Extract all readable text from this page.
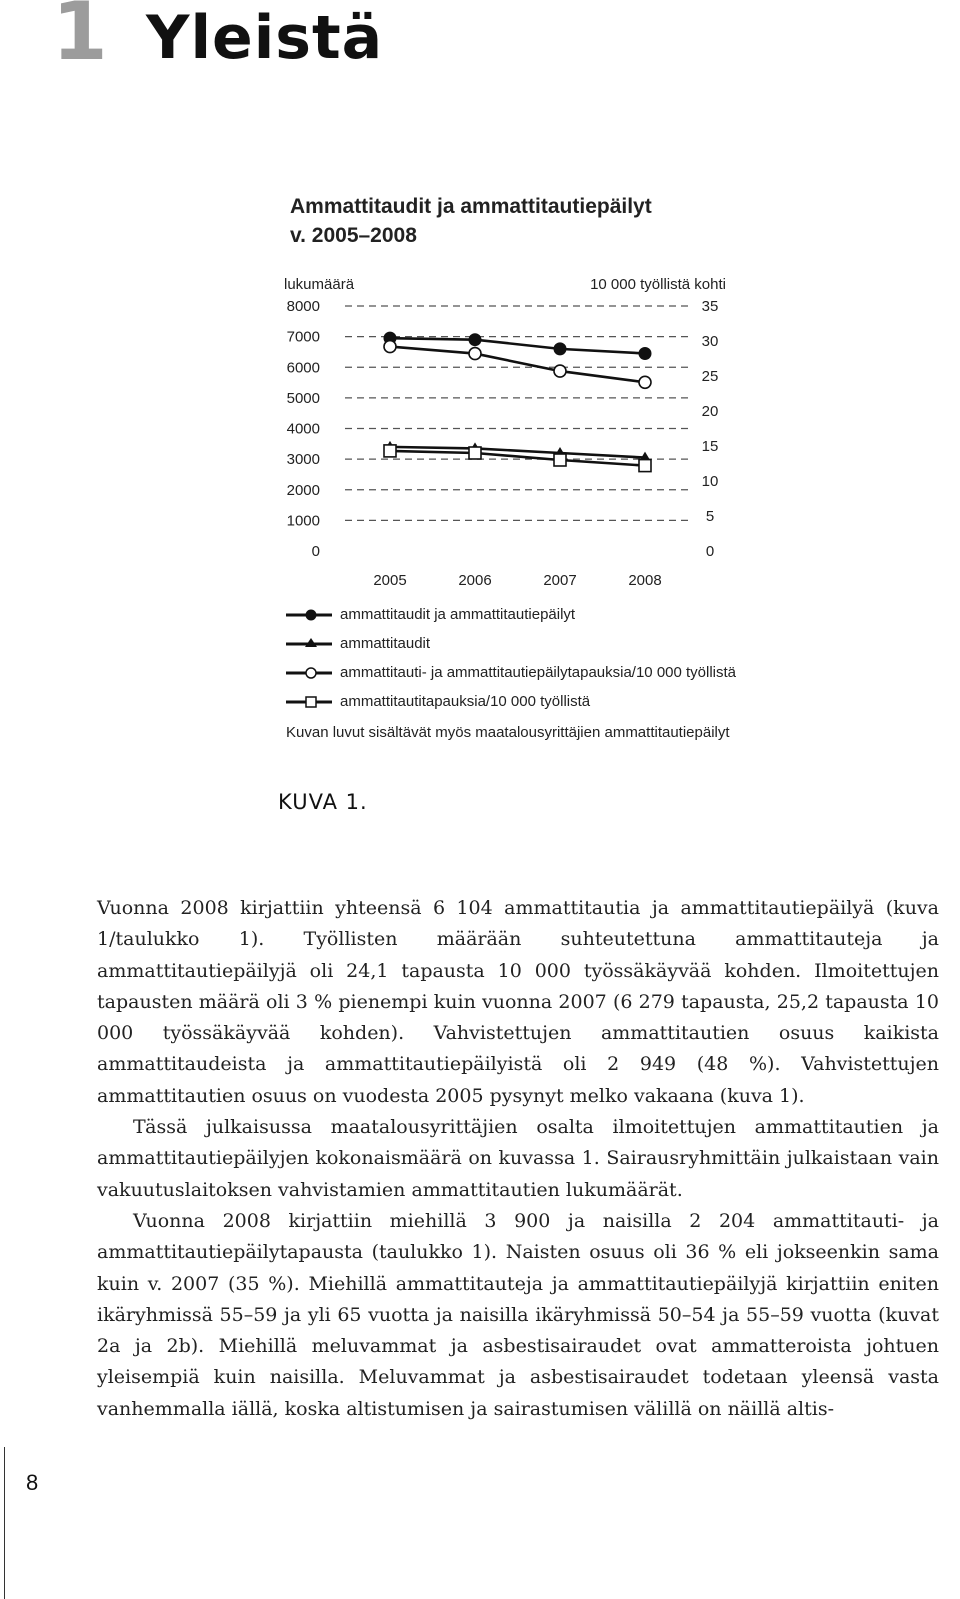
1 Yleistä
Ammattitaudit ja ammattitautiepäilyt
v. 2005–2008
0
1000
2000
3000
4000
5000
6000
7000
8000
0
5
10
15
20
25
30
35
lukumäärä	10 000 työllistä kohti
2005	2006	2007	2008
ammattitaudit ja ammattitautiepäilyt
ammattitaudit
ammattitauti- ja ammattitautiepäilytapauksia/10 000 työllistä
ammattitautitapauksia/10 000 työllistä
Kuvan luvut sisältävät myös maatalousyrittäjien ammattitautiepäilyt
KUVA 1.

Vuonna 2008 kirjattiin yhteensä 6 104 ammattitautia ja ammattitautiepäilyä (kuva 1/taulukko 1). Työllisten määrään suhteutettuna ammattitauteja ja ammattitautiepäilyjä oli 24,1 tapausta 10 000 työssäkäyvää kohden. Ilmoitettujen tapausten määrä oli 3 % pienempi kuin vuonna 2007 (6 279 tapausta, 25,2 tapausta 10 000 työssäkäyvää kohden). Vahvistettujen ammattitautien osuus kaikista ammattitaudeista ja ammattitautiepäilyistä oli 2 949 (48 %). Vahvistettujen ammattitautien osuus on vuodesta 2005 pysynyt melko vakaana (kuva 1).

Tässä julkaisussa maatalousyrittäjien osalta ilmoitettujen ammattitautien ja ammattitautiepäilyjen kokonaismäärä on kuvassa 1. Sairausryhmittäin julkaistaan vain vakuutuslaitoksen vahvistamien ammattitautien lukumäärät.

Vuonna 2008 kirjattiin miehillä 3 900 ja naisilla 2 204 ammattitauti- ja ammattitautiepäilytapausta (taulukko 1). Naisten osuus oli 36 % eli jokseenkin sama kuin v. 2007 (35 %). Miehillä ammattitauteja ja ammattitautiepäilyjä kirjattiin eniten ikäryhmissä 55–59 ja yli 65 vuotta ja naisilla ikäryhmissä 50–54 ja 55–59 vuotta (kuvat 2a ja 2b). Miehillä meluvammat ja asbestisairaudet ovat ammatteroista johtuen yleisempiä kuin naisilla. Meluvammat ja asbestisairaudet todetaan yleensä vasta vanhemmalla iällä, koska altistumisen ja sairastumisen välillä on näillä altis-

8
